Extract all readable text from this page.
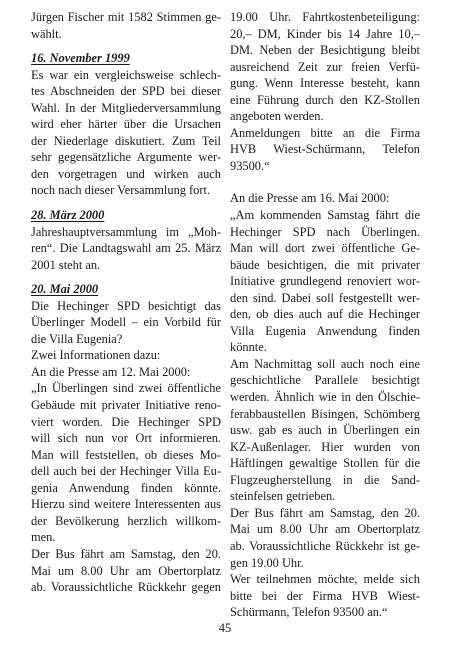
Jürgen Fischer mit 1582 Stimmen ge-
wählt.
16. November 1999
Es war ein vergleichsweise schlech-
tes Abschneiden der SPD bei dieser
Wahl. In der Mitgliederversammlung
wird eher härter über die Ursachen
der Niederlage diskutiert. Zum Teil
sehr gegensätzliche Argumente wer-
den vorgetragen und wirken auch
noch nach dieser Versammlung fort.
28. März 2000
Jahreshauptversammlung im „Moh-
ren“. Die Landtagswahl am 25. März
2001 steht an.
20. Mai 2000
Die Hechinger SPD besichtigt das
Überlinger Modell – ein Vorbild für
die Villa Eugenia?
Zwei Informationen dazu:
An die Presse am 12. Mai 2000:
„In Überlingen sind zwei öffentliche
Gebäude mit privater Initiative reno-
viert worden. Die Hechinger SPD
will sich nun vor Ort informieren.
Man will feststellen, ob dieses Mo-
dell auch bei der Hechinger Villa Eu-
genia Anwendung finden könnte.
Hierzu sind weitere Interessenten aus
der Bevölkerung herzlich willkom-
men.
Der Bus fährt am Samstag, den 20.
Mai um 8.00 Uhr am Obertorplatz
ab. Voraussichtliche Rückkehr gegen
19.00 Uhr. Fahrtkostenbeteiligung:
20,– DM, Kinder bis 14 Jahre 10,–
DM. Neben der Besichtigung bleibt
ausreichend Zeit zur freien Verfü-
gung. Wenn Interesse besteht, kann
eine Führung durch den KZ-Stollen
angeboten werden.
Anmeldungen bitte an die Firma
HVB Wiest-Schürmann, Telefon
93500.“
An die Presse am 16. Mai 2000:
„Am kommenden Samstag fährt die
Hechinger SPD nach Überlingen.
Man will dort zwei öffentliche Ge-
bäude besichtigen, die mit privater
Initiative grundlegend renoviert wor-
den sind. Dabei soll festgestellt wer-
den, ob dies auch auf die Hechinger
Villa Eugenia Anwendung finden
könnte.
Am Nachmittag soll auch noch eine
geschichtliche Parallele besichtigt
werden. Ähnlich wie in den Ölschie-
ferabbaustellen Bisingen, Schömberg
usw. gab es auch in Überlingen ein
KZ-Außenlager. Hier wurden von
Häftlingen gewaltige Stollen für die
Flugzeugherstellung in die Sand-
steinfelsen getrieben.
Der Bus fährt am Samstag, den 20.
Mai um 8.00 Uhr am Obertorplatz
ab. Voraussichtliche Rückkehr ist ge-
gen 19.00 Uhr.
Wer teilnehmen möchte, melde sich
bitte bei der Firma HVB Wiest-
Schürmann, Telefon 93500 an.“
45
